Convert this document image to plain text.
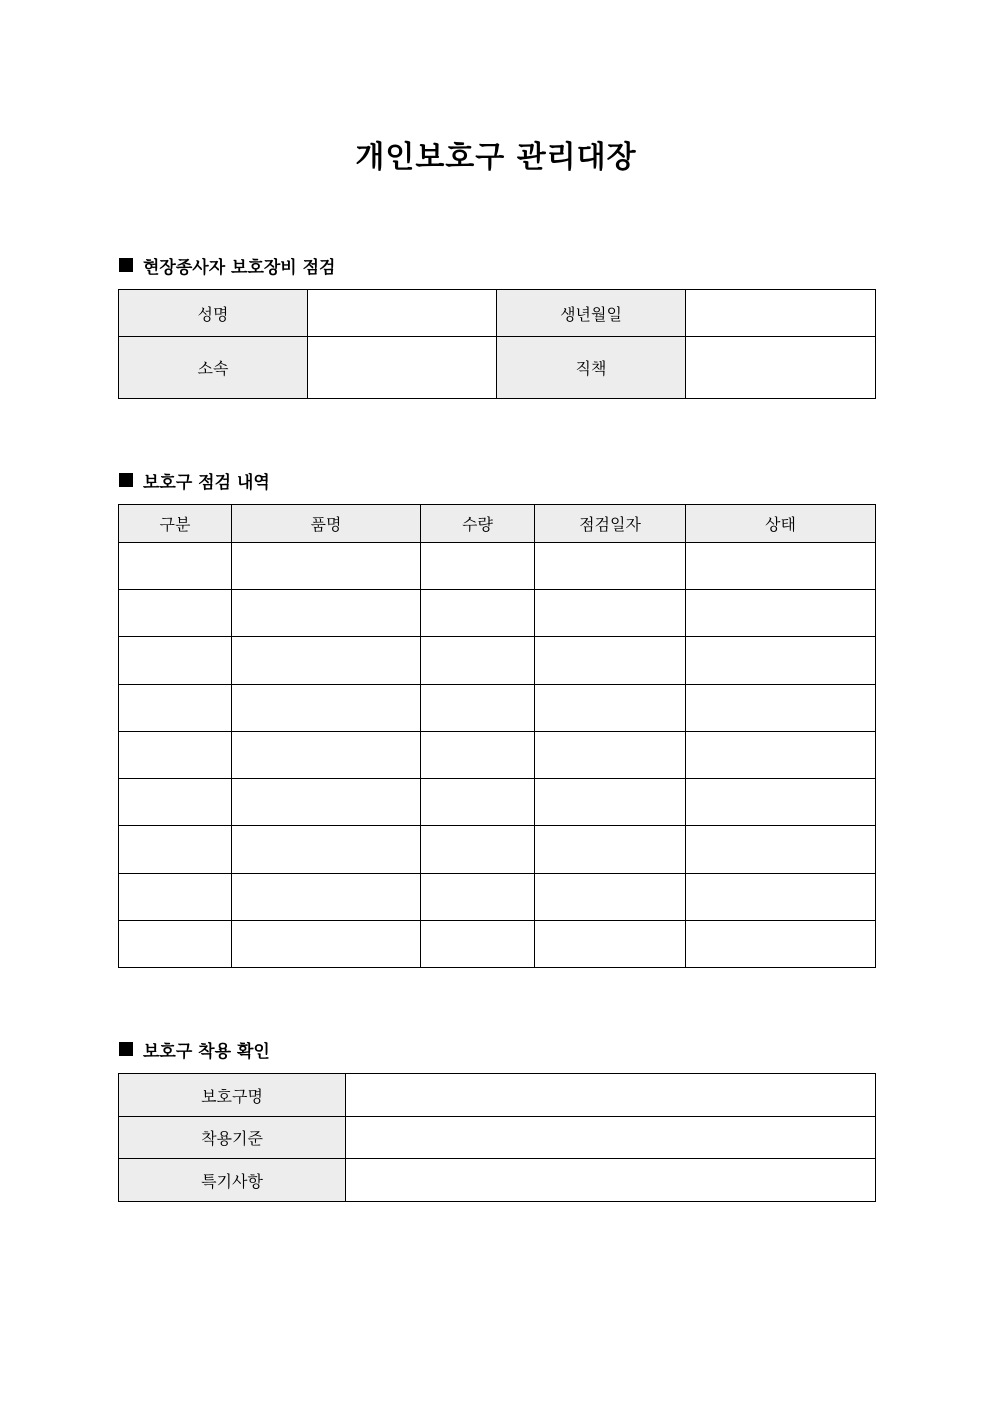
개인보호구 관리대장
현장종사자 보호장비 점검
성명		생년월일	
소속		직책	
보호구 점검 내역
구분	품명	수량	점검일자	상태

보호구 착용 확인
보호구명	
착용기준	
특기사항	
